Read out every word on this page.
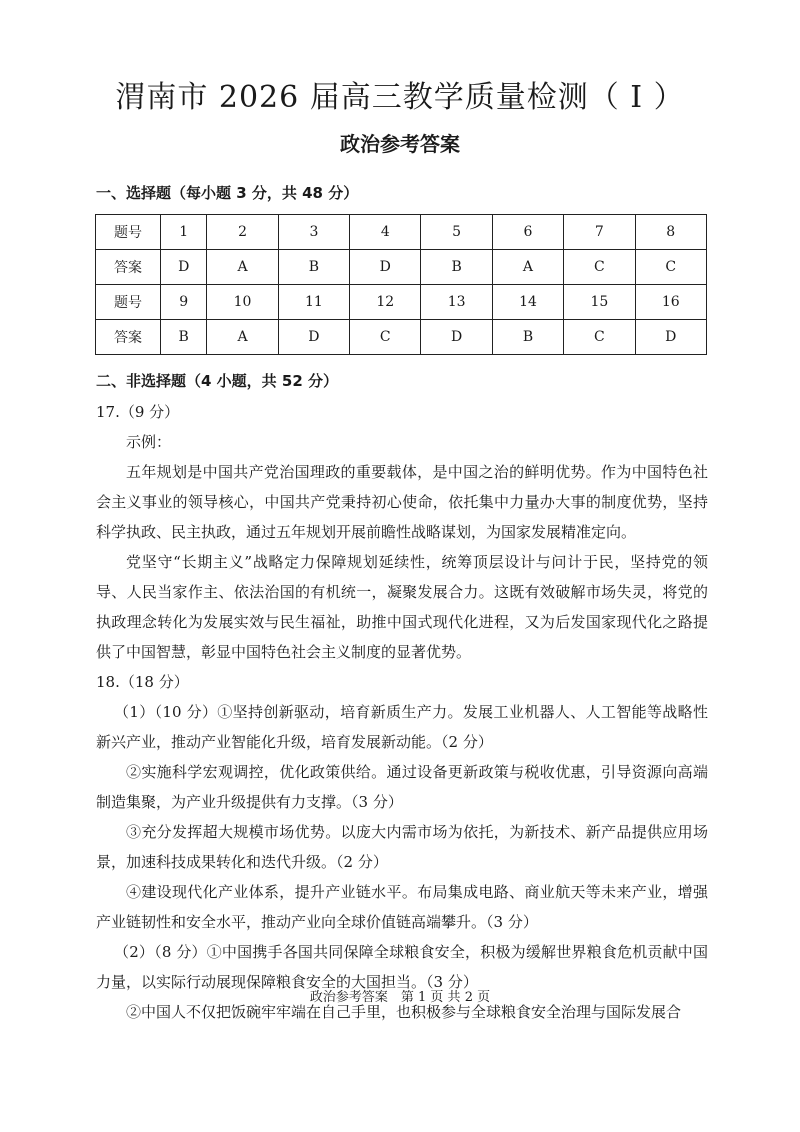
渭南市 2026 届高三教学质量检测（ Ⅰ ）
政治参考答案
一、选择题（每小题 3 分，共 48 分）
题号	1	2	3	4	5	6	7	8
答案	D	A	B	D	B	A	C	C
题号	9	10	11	12	13	14	15	16
答案	B	A	D	C	D	B	C	D
二、非选择题（4 小题，共 52 分）

17.（9 分）

示例：

五年规划是中国共产党治国理政的重要载体，是中国之治的鲜明优势。作为中国特色社会主义事业的领导核心，中国共产党秉持初心使命，依托集中力量办大事的制度优势，坚持科学执政、民主执政，通过五年规划开展前瞻性战略谋划，为国家发展精准定向。

党坚守“长期主义”战略定力保障规划延续性，统筹顶层设计与问计于民，坚持党的领导、人民当家作主、依法治国的有机统一，凝聚发展合力。这既有效破解市场失灵，将党的执政理念转化为发展实效与民生福祉，助推中国式现代化进程，又为后发国家现代化之路提供了中国智慧，彰显中国特色社会主义制度的显著优势。

18.（18 分）

（1）（10 分）①坚持创新驱动，培育新质生产力。发展工业机器人、人工智能等战略性新兴产业，推动产业智能化升级，培育发展新动能。（2 分）

②实施科学宏观调控，优化政策供给。通过设备更新政策与税收优惠，引导资源向高端制造集聚，为产业升级提供有力支撑。（3 分）

③充分发挥超大规模市场优势。以庞大内需市场为依托，为新技术、新产品提供应用场景，加速科技成果转化和迭代升级。（2 分）

④建设现代化产业体系，提升产业链水平。布局集成电路、商业航天等未来产业，增强产业链韧性和安全水平，推动产业向全球价值链高端攀升。（3 分）

（2）（8 分）①中国携手各国共同保障全球粮食安全，积极为缓解世界粮食危机贡献中国力量，以实际行动展现保障粮食安全的大国担当。（3 分）

②中国人不仅把饭碗牢牢端在自己手里，也积极参与全球粮食安全治理与国际发展合

政治参考答案　第 1 页 共 2 页
